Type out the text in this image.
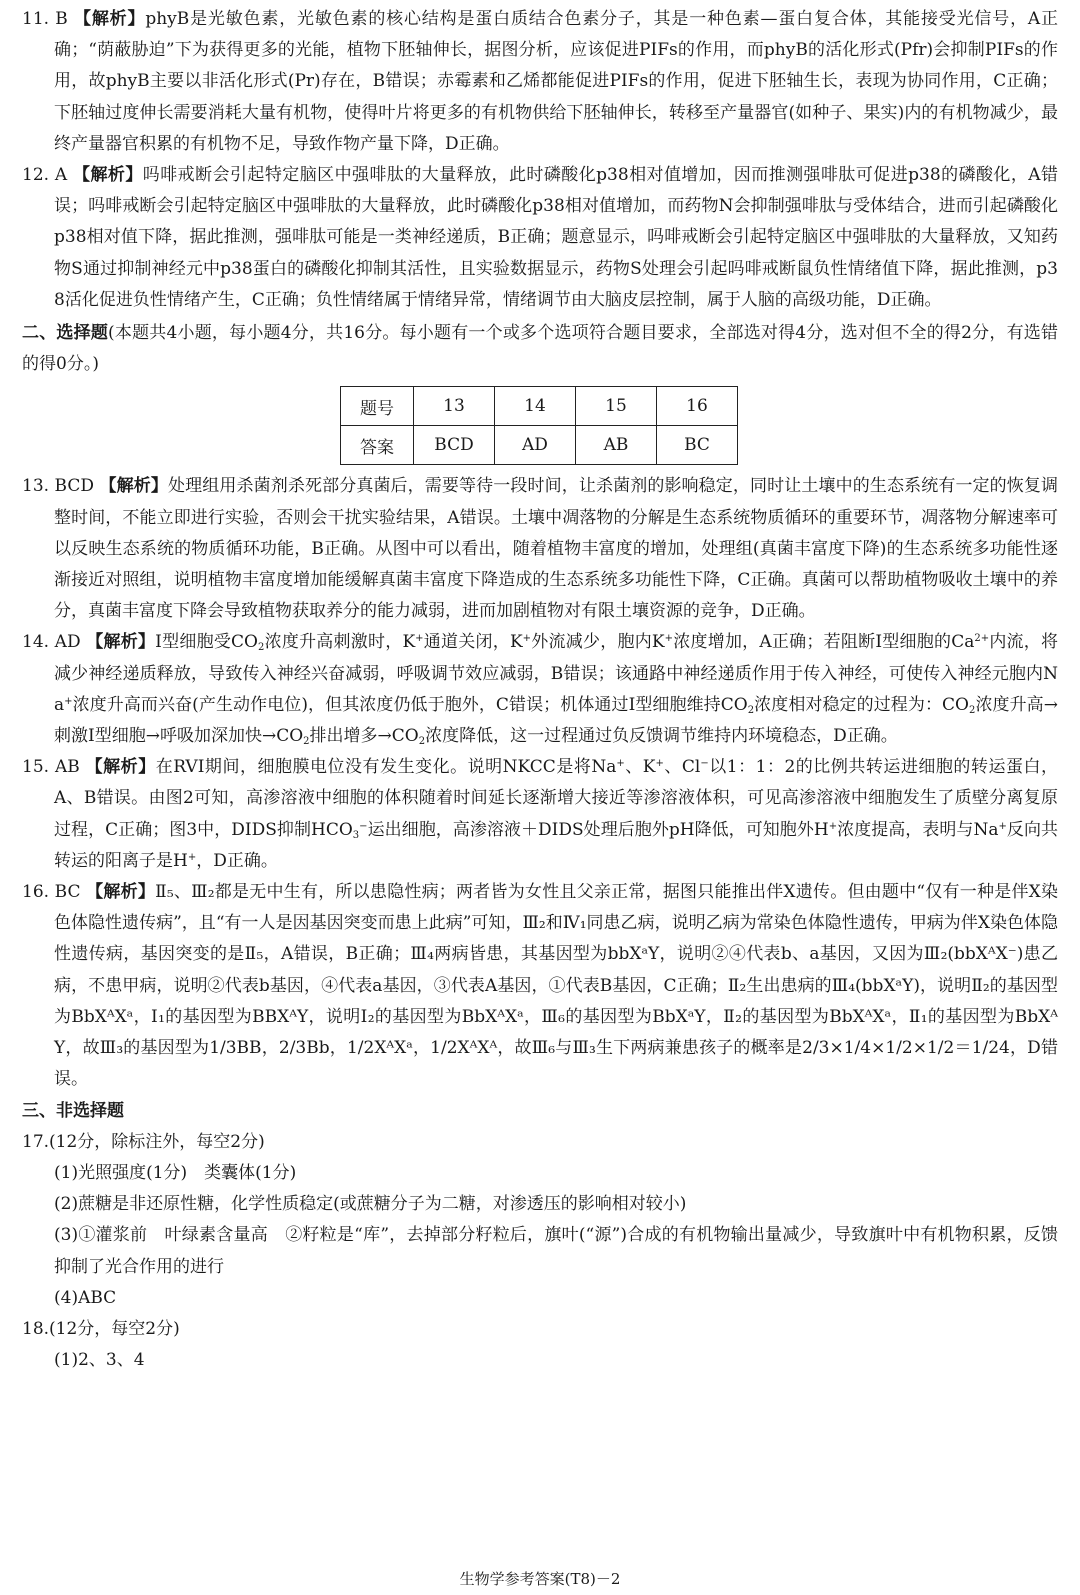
11. B 【解析】phyB是光敏色素，光敏色素的核心结构是蛋白质结合色素分子，其是一种色素—蛋白复合体，其能接受光信号，A正确；“荫蔽胁迫”下为获得更多的光能，植物下胚轴伸长，据图分析，应该促进PIFs的作用，而phyB的活化形式(Pfr)会抑制PIFs的作用，故phyB主要以非活化形式(Pr)存在，B错误；赤霉素和乙烯都能促进PIFs的作用，促进下胚轴生长，表现为协同作用，C正确；下胚轴过度伸长需要消耗大量有机物，使得叶片将更多的有机物供给下胚轴伸长，转移至产量器官(如种子、果实)内的有机物减少，最终产量器官积累的有机物不足，导致作物产量下降，D正确。

12. A 【解析】吗啡戒断会引起特定脑区中强啡肽的大量释放，此时磷酸化p38相对值增加，因而推测强啡肽可促进p38的磷酸化，A错误；吗啡戒断会引起特定脑区中强啡肽的大量释放，此时磷酸化p38相对值增加，而药物N会抑制强啡肽与受体结合，进而引起磷酸化p38相对值下降，据此推测，强啡肽可能是一类神经递质，B正确；题意显示，吗啡戒断会引起特定脑区中强啡肽的大量释放，又知药物S通过抑制神经元中p38蛋白的磷酸化抑制其活性，且实验数据显示，药物S处理会引起吗啡戒断鼠负性情绪值下降，据此推测，p38活化促进负性情绪产生，C正确；负性情绪属于情绪异常，情绪调节由大脑皮层控制，属于人脑的高级功能，D正确。

二、选择题(本题共4小题，每小题4分，共16分。每小题有一个或多个选项符合题目要求，全部选对得4分，选对但不全的得2分，有选错的得0分。)

题号	13	14	15	16
答案	BCD	AD	AB	BC

13. BCD 【解析】处理组用杀菌剂杀死部分真菌后，需要等待一段时间，让杀菌剂的影响稳定，同时让土壤中的生态系统有一定的恢复调整时间，不能立即进行实验，否则会干扰实验结果，A错误。土壤中凋落物的分解是生态系统物质循环的重要环节，凋落物分解速率可以反映生态系统的物质循环功能，B正确。从图中可以看出，随着植物丰富度的增加，处理组(真菌丰富度下降)的生态系统多功能性逐渐接近对照组，说明植物丰富度增加能缓解真菌丰富度下降造成的生态系统多功能性下降，C正确。真菌可以帮助植物吸收土壤中的养分，真菌丰富度下降会导致植物获取养分的能力减弱，进而加剧植物对有限土壤资源的竞争，D正确。

14. AD 【解析】Ⅰ型细胞受$CO_2$浓度升高刺激时，K+通道关闭，K+外流减少，胞内K+浓度增加，A正确；若阻断Ⅰ型细胞的$Ca^{2+}$内流，将减少神经递质释放，导致传入神经兴奋减弱，呼吸调节效应减弱，B错误；该通路中神经递质作用于传入神经，可使传入神经元胞内Na+浓度升高而兴奋(产生动作电位)，但其浓度仍低于胞外，C错误；机体通过Ⅰ型细胞维持$CO_2$浓度相对稳定的过程为：$CO_2$浓度升高→刺激Ⅰ型细胞→呼吸加深加快$\to CO_2$排出增多$\to CO_2$浓度降低，这一过程通过负反馈调节维持内环境稳态，D正确。

15. AB 【解析】在RVI期间，细胞膜电位没有发生变化。说明NKCC是将Na+、K+、Cl−以1：1：2的比例共转运进细胞的转运蛋白，A、B错误。由图2可知，高渗溶液中细胞的体积随着时间延长逐渐增大接近等渗溶液体积，可见高渗溶液中细胞发生了质壁分离复原过程，C正确；图3中，DIDS抑制$HCO_3^-$运出细胞，高渗溶液＋DIDS处理后胞外pH降低，可知胞外H+浓度提高，表明与Na+反向共转运的阳离子是H+，D正确。

16. BC 【解析】Ⅱ₅、Ⅲ₂都是无中生有，所以患隐性病；两者皆为女性且父亲正常，据图只能推出伴X遗传。但由题中“仅有一种是伴X染色体隐性遗传病”，且“有一人是因基因突变而患上此病”可知，Ⅲ₂和Ⅳ₁同患乙病，说明乙病为常染色体隐性遗传，甲病为伴X染色体隐性遗传病，基因突变的是Ⅱ₅，A错误，B正确；Ⅲ₄两病皆患，其基因型为bbXᵃY，说明②④代表b、a基因，又因为Ⅲ₂(bbXᴬX⁻)患乙病，不患甲病，说明②代表b基因，④代表a基因，③代表A基因，①代表B基因，C正确；Ⅱ₂生出患病的Ⅲ₄(bbXᵃY)，说明Ⅱ₂的基因型为BbXᴬXᵃ，Ⅰ₁的基因型为BBXᴬY，说明Ⅰ₂的基因型为BbXᴬXᵃ，Ⅲ₆的基因型为BbXᵃY，Ⅱ₂的基因型为BbXᴬXᵃ，Ⅱ₁的基因型为BbXᴬY，故Ⅲ₃的基因型为1/3BB，2/3Bb，1/2XᴬXᵃ，1/2XᴬXᴬ，故Ⅲ₆与Ⅲ₃生下两病兼患孩子的概率是2/3×1/4×1/2×1/2＝1/24，D错误。

三、非选择题

17.(12分，除标注外，每空2分)

(1)光照强度(1分)　类囊体(1分)

(2)蔗糖是非还原性糖，化学性质稳定(或蔗糖分子为二糖，对渗透压的影响相对较小)

(3)①灌浆前　叶绿素含量高　②籽粒是“库”，去掉部分籽粒后，旗叶(“源”)合成的有机物输出量减少，导致旗叶中有机物积累，反馈抑制了光合作用的进行

(4)ABC

18.(12分，每空2分)

(1)2、3、4

生物学参考答案(T8)－2
